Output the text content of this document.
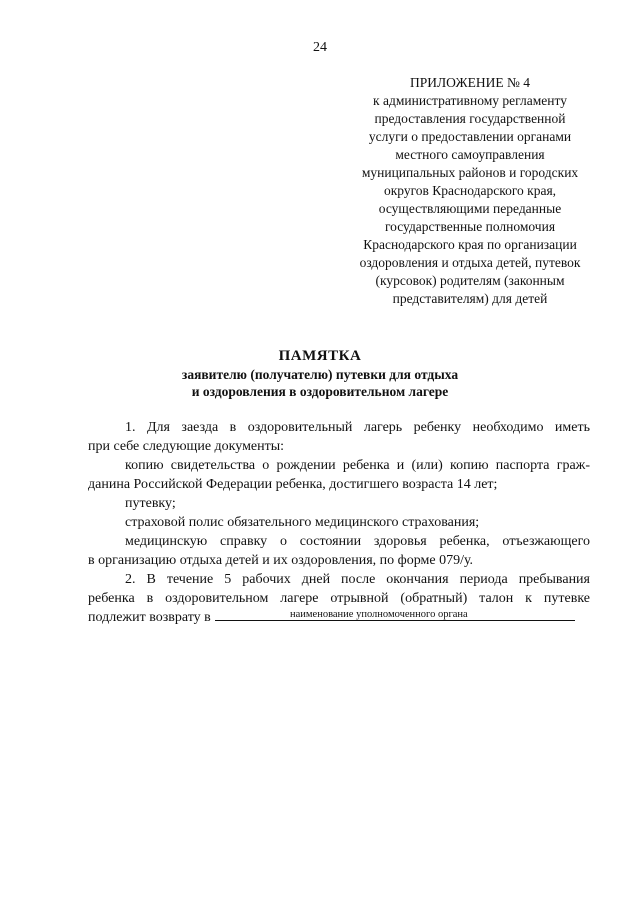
24
ПРИЛОЖЕНИЕ № 4
к административному регламенту
предоставления государственной
услуги о предоставлении органами
местного самоуправления
муниципальных районов и городских
округов Краснодарского края,
осуществляющими переданные
государственные полномочия
Краснодарского края по организации
оздоровления и отдыха детей, путевок
(курсовок) родителям (законным
представителям) для детей
ПАМЯТКА
заявителю (получателю) путевки для отдыха
и оздоровления в оздоровительном лагере
1. Для заезда в оздоровительный лагерь ребенку необходимо иметь
при себе следующие документы:
копию свидетельства о рождении ребенка и (или) копию паспорта граж-
данина Российской Федерации ребенка, достигшего возраста 14 лет;
путевку;
страховой полис обязательного медицинского страхования;
медицинскую справку о состоянии здоровья ребенка, отъезжающего
в организацию отдыха детей и их оздоровления, по форме 079/у.
2. В течение 5 рабочих дней после окончания периода пребывания
ребенка в оздоровительном лагере отрывной (обратный) талон к путевке
подлежит возврату в	наименование уполномоченного органа
